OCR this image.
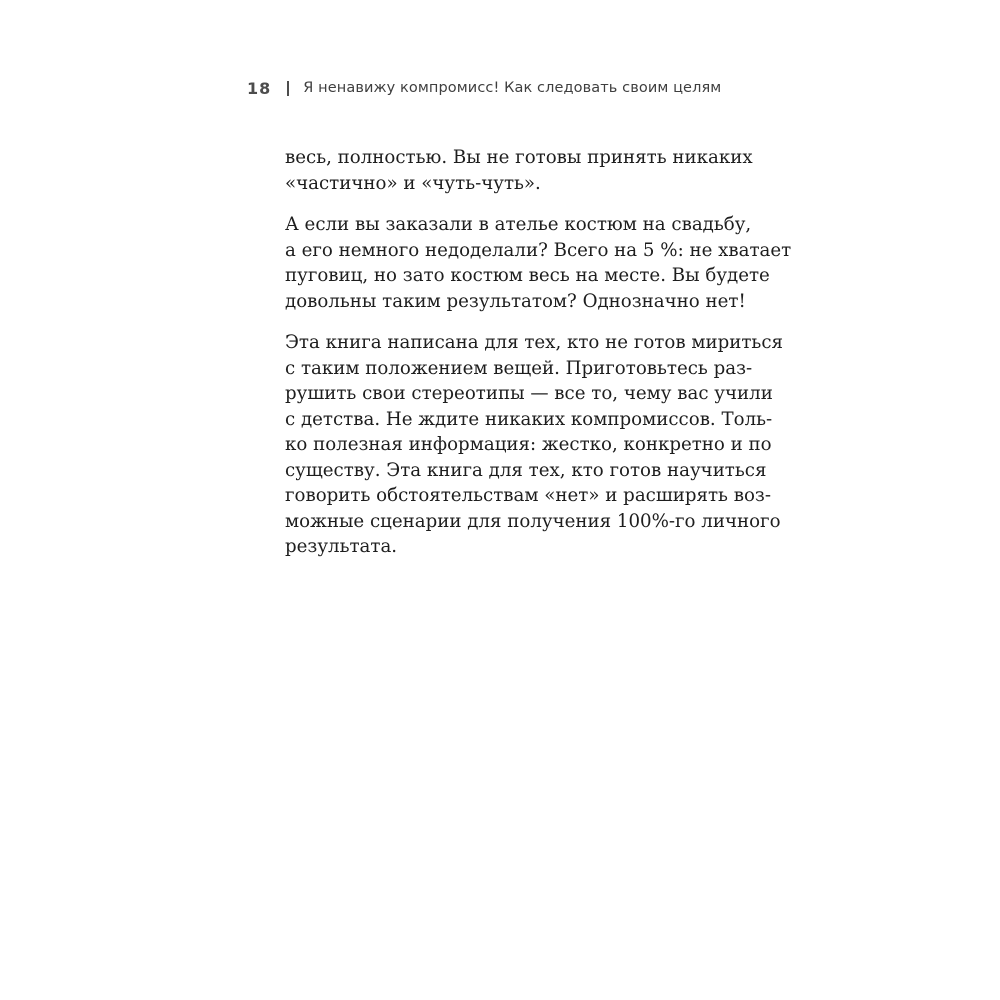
18 Я ненавижу компромисс! Как следовать своим целям

весь, полностью. Вы не готовы принять никаких
«частично» и «чуть-чуть».

А если вы заказали в ателье костюм на свадьбу,
а его немного недоделали? Всего на 5 %: не хватает
пуговиц, но зато костюм весь на месте. Вы будете
довольны таким результатом? Однозначно нет!

Эта книга написана для тех, кто не готов мириться
с таким положением вещей. Приготовьтесь раз-
рушить свои стереотипы — все то, чему вас учили
с детства. Не ждите никаких компромиссов. Толь-
ко полезная информация: жестко, конкретно и по
существу. Эта книга для тех, кто готов научиться
говорить обстоятельствам «нет» и расширять воз-
можные сценарии для получения 100%-го личного
результата.
